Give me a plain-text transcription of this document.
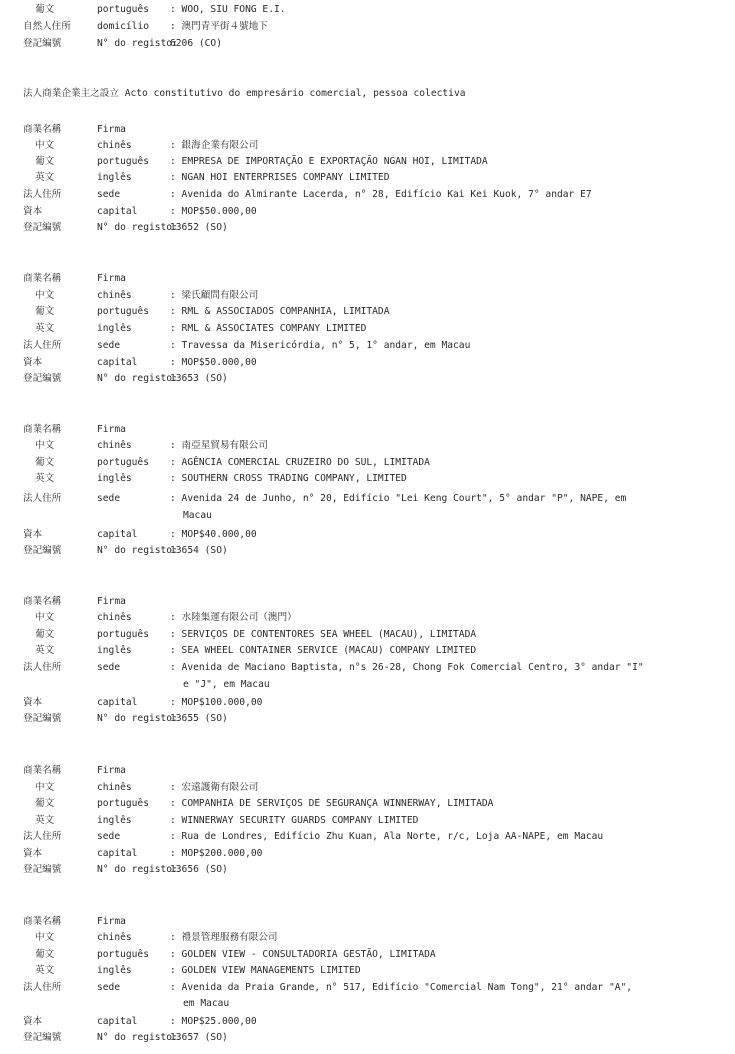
葡文	português : WOO, SIU FONG E.I.
自然人住所	domicílio : 澳門青平街４號地下
登記編號	N° do registo:
6206 (CO)
法人商業企業主之設立 Acto constitutivo do empresário comercial, pessoa colectiva
商業名稱	Firma
中文	chinês	: 銀海企業有限公司
葡文	português : EMPRESA DE IMPORTAÇÃO E EXPORTAÇÃO NGAN HOI, LIMITADA
英文	inglês	: NGAN HOI ENTERPRISES COMPANY LIMITED
法人住所	sede	: Avenida do Almirante Lacerda, n° 28, Edifício Kai Kei Kuok, 7° andar E7
資本	capital	: MOP$50.000,00
登記編號	N° do registo:
13652 (SO)
商業名稱	Firma
中文	chinês	: 梁氏顧問有限公司
葡文	português : RML & ASSOCIADOS COMPANHIA, LIMITADA
英文	inglês	: RML & ASSOCIATES COMPANY LIMITED
法人住所	sede	: Travessa da Misericórdia, n° 5, 1° andar, em Macau
資本	capital	: MOP$50.000,00
登記編號	N° do registo:
13653 (SO)
商業名稱	Firma
中文	chinês	: 南亞星貿易有限公司
葡文	português : AGÊNCIA COMERCIAL CRUZEIRO DO SUL, LIMITADA
英文	inglês	: SOUTHERN CROSS TRADING COMPANY, LIMITED
法人住所	sede	: Avenida 24 de Junho, n° 20, Edifício "Lei Keng Court", 5° andar "P", NAPE, em
Macau
資本	capital	: MOP$40.000,00
登記編號	N° do registo:
13654 (SO)
商業名稱	Firma
中文	chinês	: 水陸集運有限公司（澳門）
葡文	português : SERVIÇOS DE CONTENTORES SEA WHEEL (MACAU), LIMITADA
英文	inglês	: SEA WHEEL CONTAINER SERVICE (MACAU) COMPANY LIMITED
法人住所	sede	: Avenida de Maciano Baptista, n°s 26-28, Chong Fok Comercial Centro, 3° andar "I"
e "J", em Macau
資本	capital	: MOP$100.000,00
登記編號	N° do registo:
13655 (SO)
商業名稱	Firma
中文	chinês	: 宏遠護衛有限公司
葡文	português : COMPANHIA DE SERVIÇOS DE SEGURANÇA WINNERWAY, LIMITADA
英文	inglês	: WINNERWAY SECURITY GUARDS COMPANY LIMITED
法人住所	sede	: Rua de Londres, Edifício Zhu Kuan, Ala Norte, r/c, Loja AA-NAPE, em Macau
資本	capital	: MOP$200.000,00
登記編號	N° do registo:
13656 (SO)
商業名稱	Firma
中文	chinês	: 禮景管理服務有限公司
葡文	português : GOLDEN VIEW - CONSULTADORIA GESTÃO, LIMITADA
英文	inglês	: GOLDEN VIEW MANAGEMENTS LIMITED
法人住所	sede	: Avenida da Praia Grande, n° 517, Edifício "Comercial Nam Tong", 21° andar "A",
em Macau
資本	capital	: MOP$25.000,00
登記編號	N° do registo:
13657 (SO)
